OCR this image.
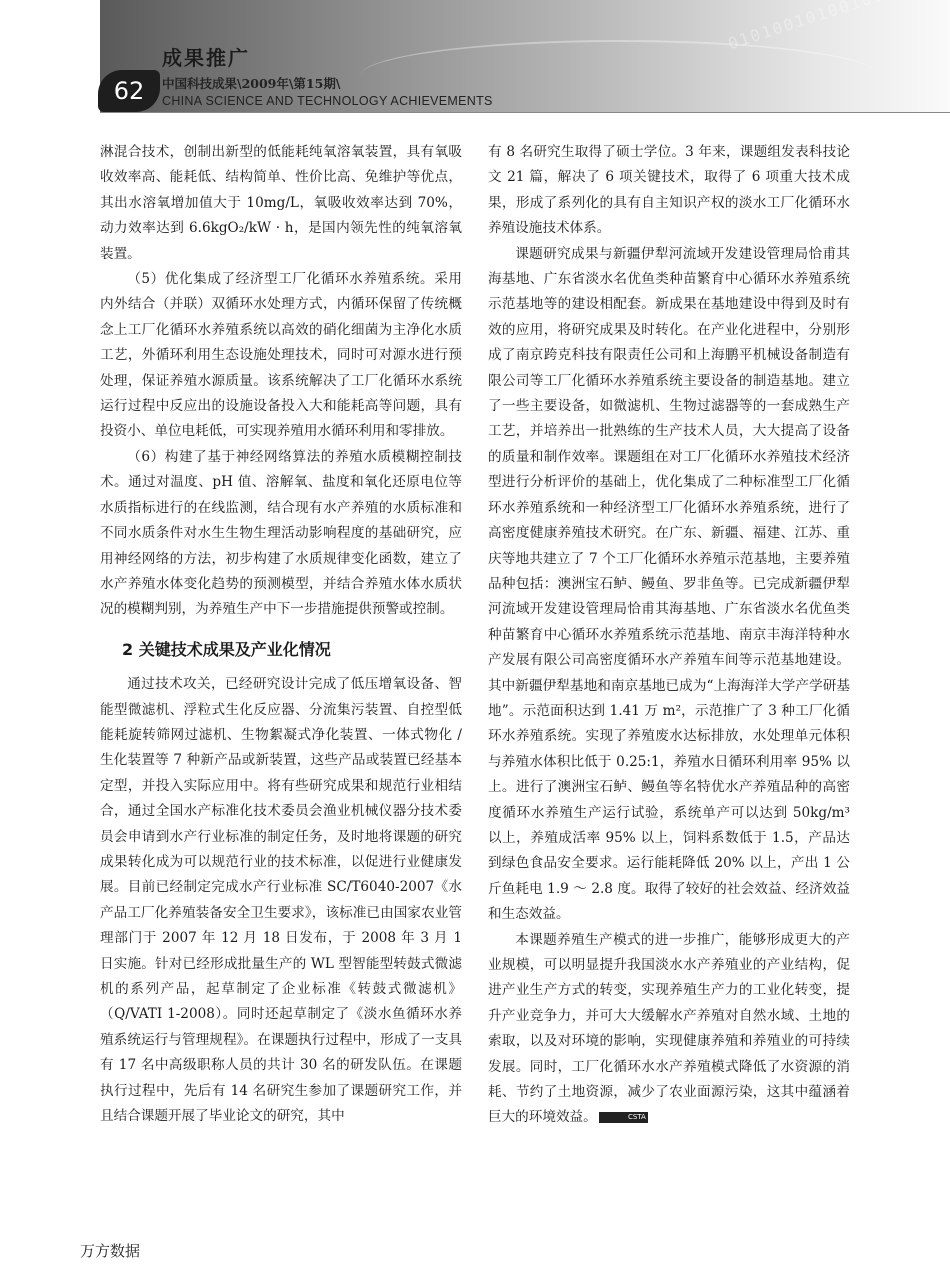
62
成果推广
中国科技成果\2009年\第15期\
CHINA SCIENCE AND TECHNOLOGY ACHIEVEMENTS

淋混合技术，创制出新型的低能耗纯氧溶氧装置，具有氧吸收效率高、能耗低、结构简单、性价比高、免维护等优点，其出水溶氧增加值大于 10mg/L，氧吸收效率达到 70%，动力效率达到 6.6kgO₂/kW · h，是国内领先性的纯氧溶氧装置。

（5）优化集成了经济型工厂化循环水养殖系统。采用内外结合（并联）双循环水处理方式，内循环保留了传统概念上工厂化循环水养殖系统以高效的硝化细菌为主净化水质工艺，外循环利用生态设施处理技术，同时可对源水进行预处理，保证养殖水源质量。该系统解决了工厂化循环水系统运行过程中反应出的设施设备投入大和能耗高等问题，具有投资小、单位电耗低，可实现养殖用水循环利用和零排放。

（6）构建了基于神经网络算法的养殖水质模糊控制技术。通过对温度、pH 值、溶解氧、盐度和氧化还原电位等水质指标进行的在线监测，结合现有水产养殖的水质标准和不同水质条件对水生生物生理活动影响程度的基础研究，应用神经网络的方法，初步构建了水质规律变化函数，建立了水产养殖水体变化趋势的预测模型，并结合养殖水体水质状况的模糊判别，为养殖生产中下一步措施提供预警或控制。

2 关键技术成果及产业化情况

通过技术攻关，已经研究设计完成了低压增氧设备、智能型微滤机、浮粒式生化反应器、分流集污装置、自控型低能耗旋转筛网过滤机、生物絮凝式净化装置、一体式物化 / 生化装置等 7 种新产品或新装置，这些产品或装置已经基本定型，并投入实际应用中。将有些研究成果和规范行业相结合，通过全国水产标准化技术委员会渔业机械仪器分技术委员会申请到水产行业标准的制定任务，及时地将课题的研究成果转化成为可以规范行业的技术标准，以促进行业健康发展。目前已经制定完成水产行业标准 SC/T6040-2007《水产品工厂化养殖装备安全卫生要求》，该标准已由国家农业管理部门于 2007 年 12 月 18 日发布，于 2008 年 3 月 1 日实施。针对已经形成批量生产的 WL 型智能型转鼓式微滤机的系列产品，起草制定了企业标准《转鼓式微滤机》（Q/VATI 1-2008）。同时还起草制定了《淡水鱼循环水养殖系统运行与管理规程》。在课题执行过程中，形成了一支具有 17 名中高级职称人员的共计 30 名的研发队伍。在课题执行过程中，先后有 14 名研究生参加了课题研究工作，并且结合课题开展了毕业论文的研究，其中

有 8 名研究生取得了硕士学位。3 年来，课题组发表科技论文 21 篇，解决了 6 项关键技术，取得了 6 项重大技术成果，形成了系列化的具有自主知识产权的淡水工厂化循环水养殖设施技术体系。

课题研究成果与新疆伊犁河流域开发建设管理局恰甫其海基地、广东省淡水名优鱼类种苗繁育中心循环水养殖系统示范基地等的建设相配套。新成果在基地建设中得到及时有效的应用，将研究成果及时转化。在产业化进程中，分别形成了南京跨克科技有限责任公司和上海鹏平机械设备制造有限公司等工厂化循环水养殖系统主要设备的制造基地。建立了一些主要设备，如微滤机、生物过滤器等的一套成熟生产工艺，并培养出一批熟练的生产技术人员，大大提高了设备的质量和制作效率。课题组在对工厂化循环水养殖技术经济型进行分析评价的基础上，优化集成了二种标准型工厂化循环水养殖系统和一种经济型工厂化循环水养殖系统，进行了高密度健康养殖技术研究。在广东、新疆、福建、江苏、重庆等地共建立了 7 个工厂化循环水养殖示范基地，主要养殖品种包括：澳洲宝石鲈、鳗鱼、罗非鱼等。已完成新疆伊犁河流域开发建设管理局恰甫其海基地、广东省淡水名优鱼类种苗繁育中心循环水养殖系统示范基地、南京丰海洋特种水产发展有限公司高密度循环水产养殖车间等示范基地建设。其中新疆伊犁基地和南京基地已成为“上海海洋大学产学研基地”。示范面积达到 1.41 万 m²，示范推广了 3 种工厂化循环水养殖系统。实现了养殖废水达标排放，水处理单元体积与养殖水体积比低于 0.25:1，养殖水日循环利用率 95% 以上。进行了澳洲宝石鲈、鳗鱼等名特优水产养殖品种的高密度循环水养殖生产运行试验，系统单产可以达到 50kg/m³ 以上，养殖成活率 95% 以上，饲料系数低于 1.5，产品达到绿色食品安全要求。运行能耗降低 20% 以上，产出 1 公斤鱼耗电 1.9 ～ 2.8 度。取得了较好的社会效益、经济效益和生态效益。

本课题养殖生产模式的进一步推广，能够形成更大的产业规模，可以明显提升我国淡水水产养殖业的产业结构，促进产业生产方式的转变，实现养殖生产力的工业化转变，提升产业竞争力，并可大大缓解水产养殖对自然水域、土地的索取，以及对环境的影响，实现健康养殖和养殖业的可持续发展。同时，工厂化循环水水产养殖模式降低了水资源的消耗、节约了土地资源，减少了农业面源污染，这其中蕴涵着巨大的环境效益。	CSTA

万方数据
